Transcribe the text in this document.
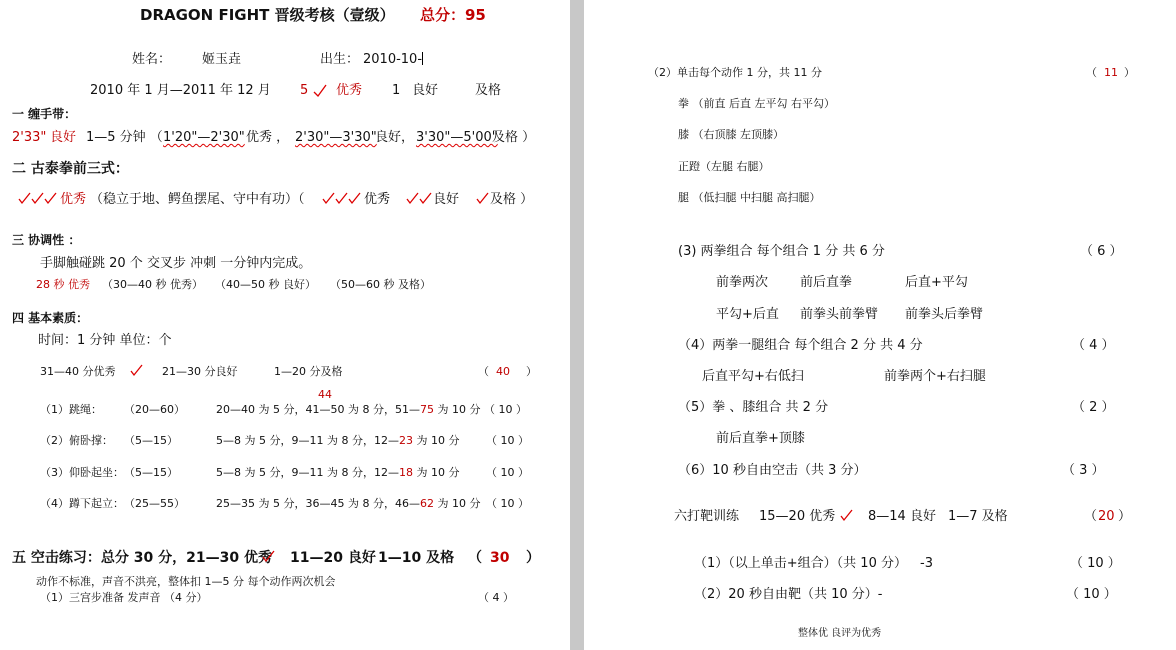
DRAGON FIGHT 晋级考核（壹级） 总分：95
姓名： 姬玉垚	出生： 2010-10-
2010 年 1 月—2011 年 12 月 5 优秀 1 良好	及格
一 缠手带：
2'33" 良好 1—5 分钟 （ 1'20"—2'30" 优秀 ， 2'30"—3'30"
良好， 3'30"—5'00"
及格 ）
二 古泰拳前三式：
优秀 （稳立于地、鳄鱼摆尾、守中有功）（	优秀	良好 及格 ）
三 协调性 ：
手脚触碰跳 20 个 交叉步 冲刺 一分钟内完成。
28 秒 优秀 （30—40 秒 优秀） （40—50 秒 良好） （50—60 秒 及格）
四 基本素质：
时间：1 分钟 单位：个
31—40 分优秀	21—30 分良好	1—20 分及格	（ 40 ）
44
（1）跳绳： （20—60）	20—40 为 5 分，41—50 为 8 分，51—75 为 10 分 （ 10 ）
（2）俯卧撑： （5—15）	5—8 为 5 分，9—11 为 8 分，12—23 为 10 分 （ 10 ）
（3）仰卧起坐： （5—15）	5—8 为 5 分，9—11 为 8 分，12—18 为 10 分 （ 10 ）
（4）蹲下起立： （25—55）	25—35 为 5 分，36—45 为 8 分，46—62 为 10 分 （ 10 ）
五 空击练习：总分 30 分，21—30 优秀 11—20 良好 1—10 及格 （ 30 ）
动作不标准，声音不洪亮，整体扣 1—5 分 每个动作两次机会
（1）三宫步准备 发声音 （4 分）	（ 4 ）
（2）单击每个动作 1 分，共 11 分	（ 11 ）
拳 （前直 后直 左平勾 右平勾）
膝 （右顶膝 左顶膝）
正蹬（左腿 右腿）
腿 （低扫腿 中扫腿 高扫腿）
(3) 两拳组合 每个组合 1 分 共 6 分	（ 6 ）
前拳两次 前后直拳	后直+平勾
平勾+后直 前拳头前拳臂 前拳头后拳臂
（4）两拳一腿组合 每个组合 2 分 共 4 分	（ 4 ）
后直平勾+右低扫	前拳两个+右扫腿
（5）拳 、膝组合 共 2 分	（ 2 ）
前后直拳+顶膝
（6）10 秒自由空击（共 3 分）	（ 3 ）
六打靶训练 15—20 优秀	8—14 良好 1—7 及格	（ 20 ）
（1）（以上单击+组合）（共 10 分） -3	（ 10 ）
（2）20 秒自由靶（共 10 分）-	（ 10 ）
整体优 良评为优秀
